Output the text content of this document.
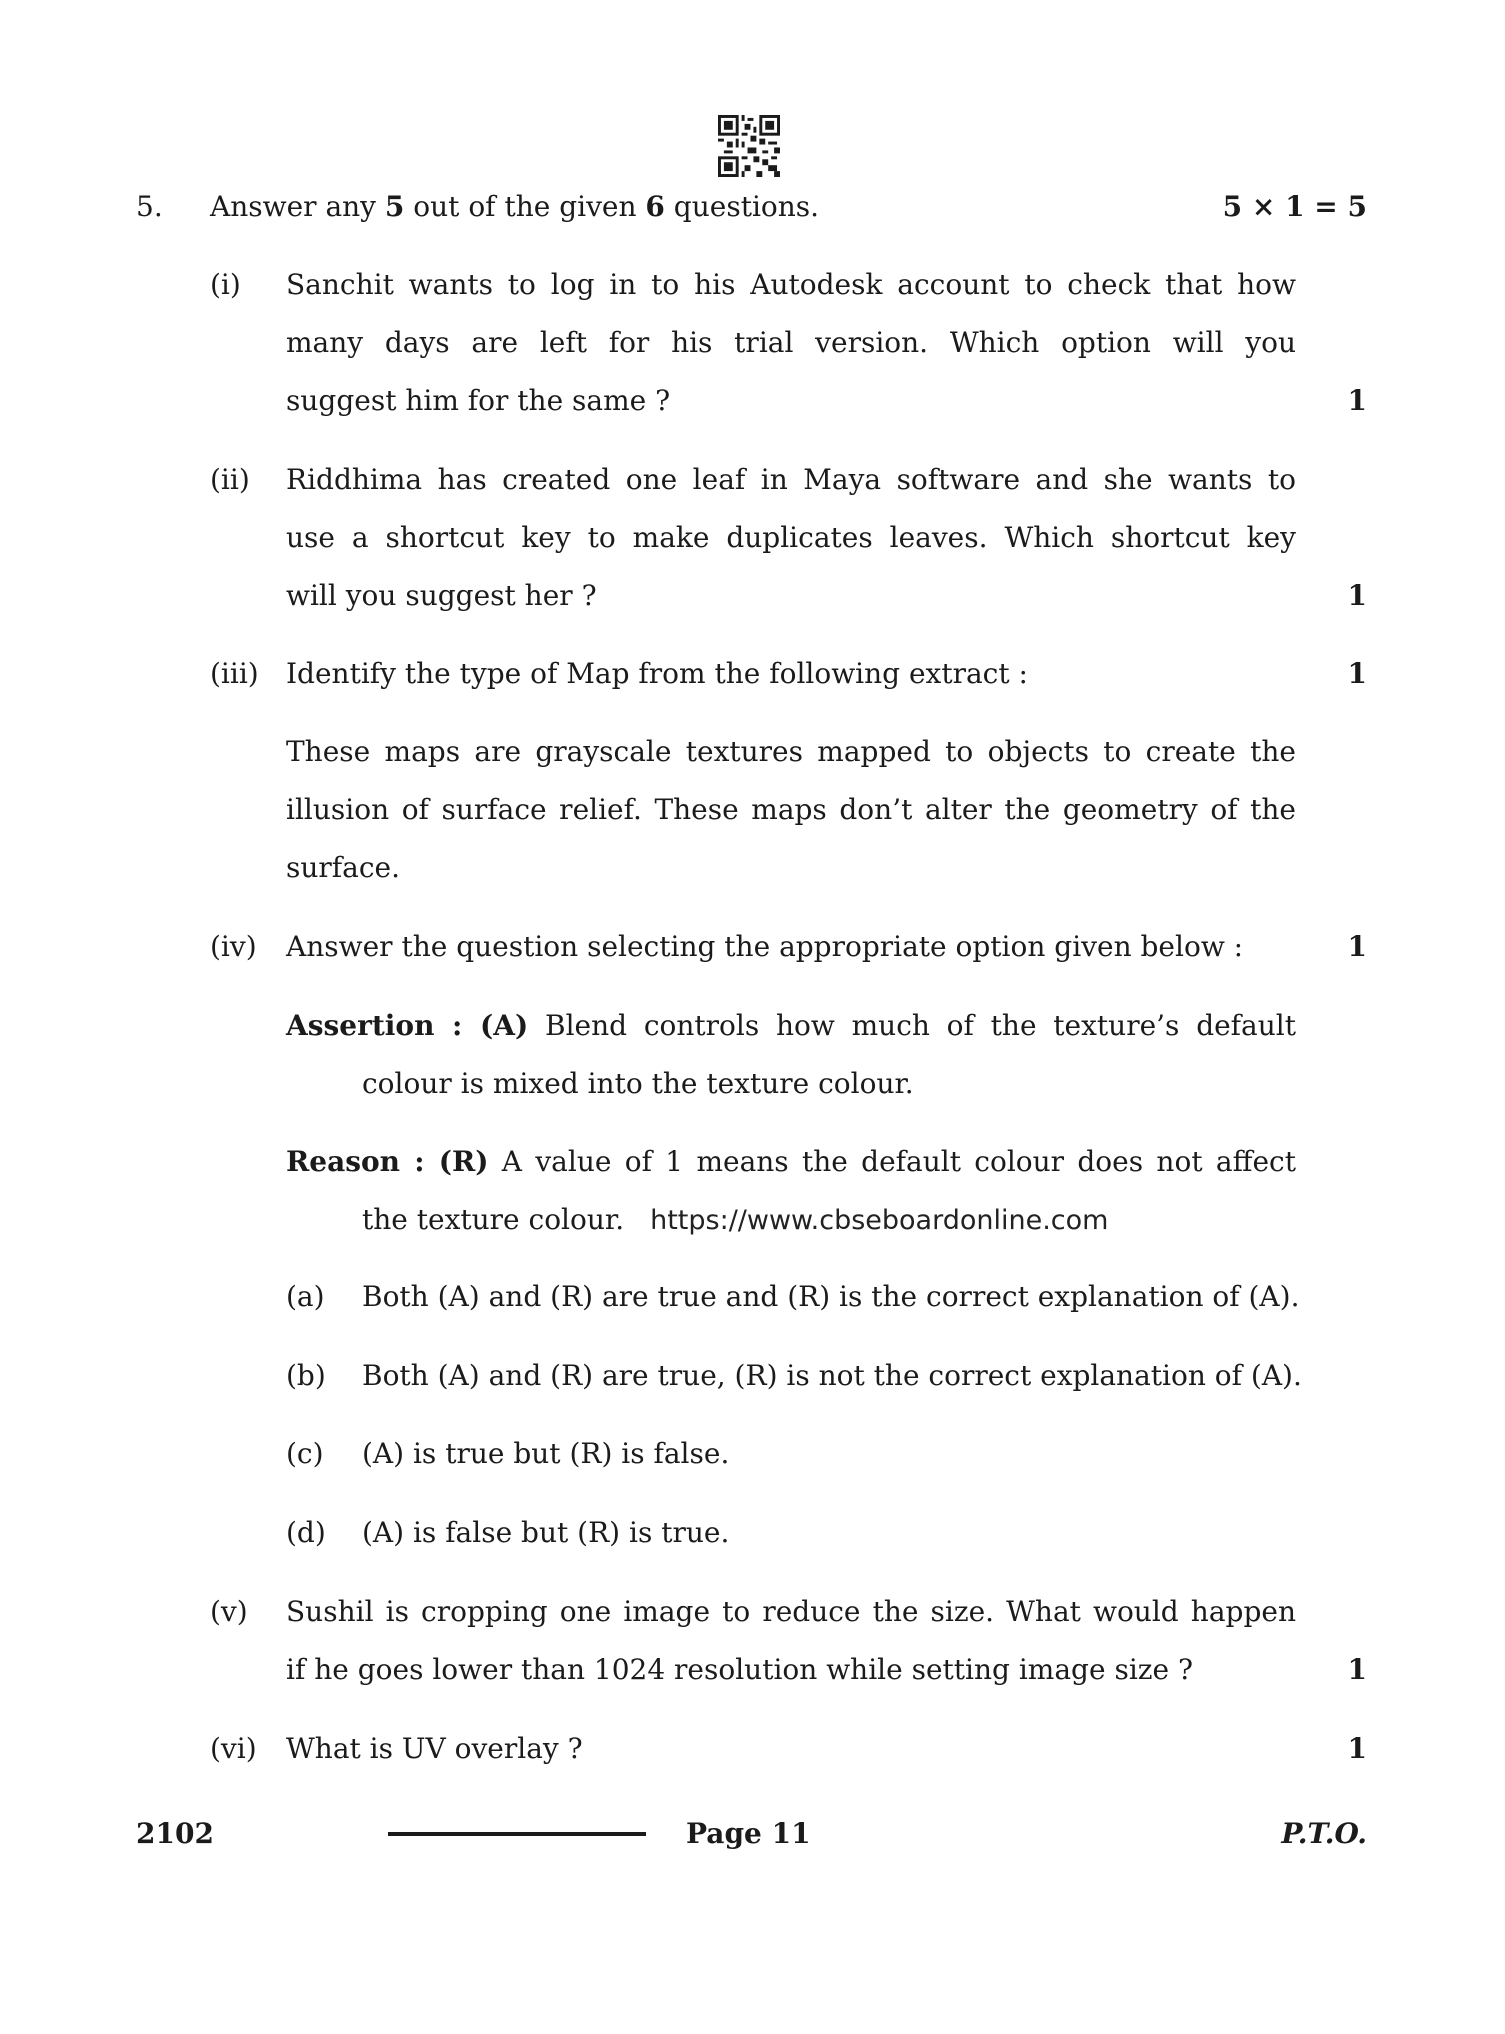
5. Answer any 5 out of the given 6 questions.	5 × 1 = 5
(i) Sanchit wants to log in to his Autodesk account to check that how
many days are left for his trial version. Which option will you
suggest him for the same ?	1
(ii) Riddhima has created one leaf in Maya software and she wants to
use a shortcut key to make duplicates leaves. Which shortcut key
will you suggest her ?	1
(iii) Identify the type of Map from the following extract :	1
These maps are grayscale textures mapped to objects to create the
illusion of surface relief. These maps don’t alter the geometry of the
surface.
(iv) Answer the question selecting the appropriate option given below :	1
Assertion : (A) Blend controls how much of the texture’s default
colour is mixed into the texture colour.
Reason : (R) A value of 1 means the default colour does not affect
the texture colour. https://www.cbseboardonline.com
(a) Both (A) and (R) are true and (R) is the correct explanation of (A).
(b) Both (A) and (R) are true, (R) is not the correct explanation of (A).
(c) (A) is true but (R) is false.
(d) (A) is false but (R) is true.
(v) Sushil is cropping one image to reduce the size. What would happen
if he goes lower than 1024 resolution while setting image size ?	1
(vi) What is UV overlay ?	1
2102	Page 11	P.T.O.
